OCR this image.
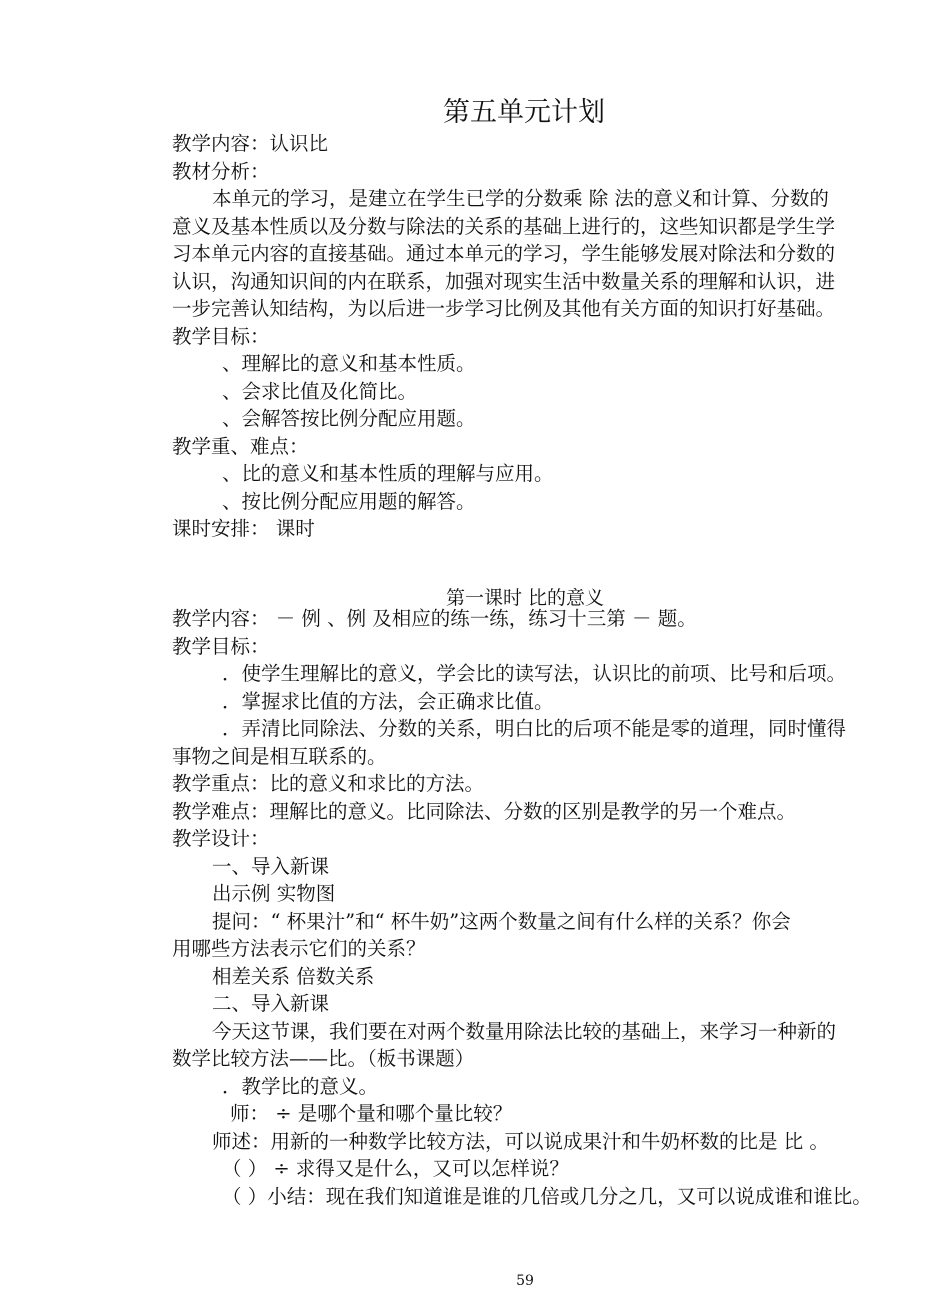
第五单元计划
教学内容：认识比
教材分析：
本单元的学习，是建立在学生已学的分数乘 除 法的意义和计算、分数的
意义及基本性质以及分数与除法的关系的基础上进行的，这些知识都是学生学
习本单元内容的直接基础。通过本单元的学习，学生能够发展对除法和分数的
认识，沟通知识间的内在联系，加强对现实生活中数量关系的理解和认识，进
一步完善认知结构，为以后进一步学习比例及其他有关方面的知识打好基础。
教学目标：
、理解比的意义和基本性质。
、会求比值及化简比。
、会解答按比例分配应用题。
教学重、难点：
、比的意义和基本性质的理解与应用。
、按比例分配应用题的解答。
课时安排： 课时
第一课时 比的意义
教学内容： － 例 、例 及相应的练一练，练习十三第 － 题。
教学目标：
．使学生理解比的意义，学会比的读写法，认识比的前项、比号和后项。
．掌握求比值的方法，会正确求比值。
．弄清比同除法、分数的关系，明白比的后项不能是零的道理，同时懂得
事物之间是相互联系的。
教学重点：比的意义和求比的方法。
教学难点：理解比的意义。比同除法、分数的区别是教学的另一个难点。
教学设计：
一、导入新课
出示例 实物图
提问：“ 杯果汁”和“ 杯牛奶”这两个数量之间有什么样的关系？你会
用哪些方法表示它们的关系？
相差关系 倍数关系
二、导入新课
今天这节课，我们要在对两个数量用除法比较的基础上，来学习一种新的
数学比较方法——比。（板书课题）
．教学比的意义。
师： ÷ 是哪个量和哪个量比较？
师述：用新的一种数学比较方法，可以说成果汁和牛奶杯数的比是 比 。
（ ） ÷ 求得又是什么，又可以怎样说？
（ ）小结：现在我们知道谁是谁的几倍或几分之几，又可以说成谁和谁比。
59
